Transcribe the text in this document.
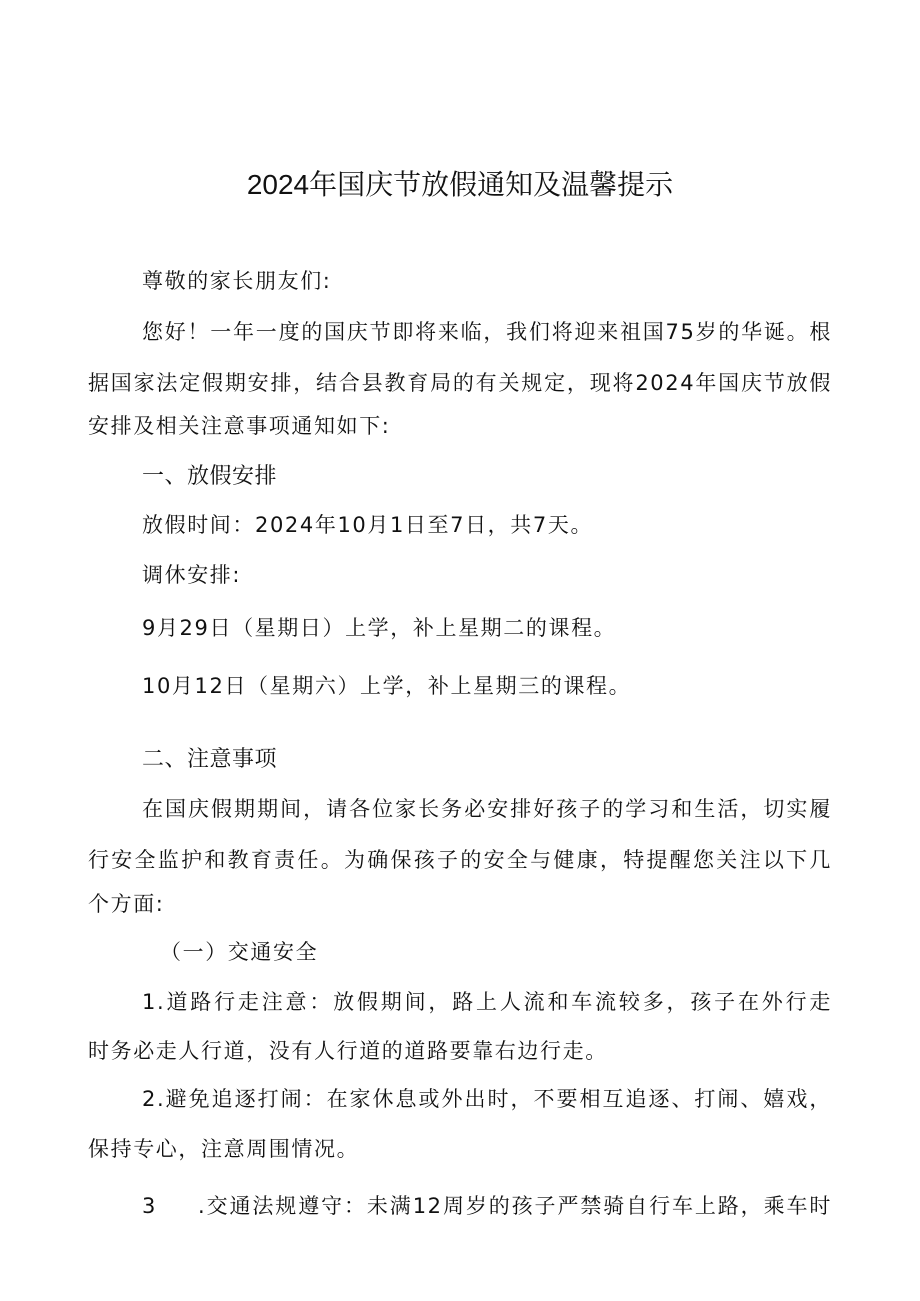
2024年国庆节放假通知及温馨提示
尊敬的家长朋友们:
您好！一年一度的国庆节即将来临，我们将迎来祖国75岁的华诞。根
据国家法定假期安排，结合县教育局的有关规定，现将2024年国庆节放假
安排及相关注意事项通知如下:
一、放假安排
放假时间：2024年10月1日至7日，共7天。
调休安排:
9月29日（星期日）上学，补上星期二的课程。
10月12日（星期六）上学，补上星期三的课程。
二、注意事项
在国庆假期期间，请各位家长务必安排好孩子的学习和生活，切实履
行安全监护和教育责任。为确保孩子的安全与健康，特提醒您关注以下几
个方面:
（一）交通安全
1.道路行走注意：放假期间，路上人流和车流较多，孩子在外行走
时务必走人行道，没有人行道的道路要靠右边行走。
2.避免追逐打闹：在家休息或外出时，不要相互追逐、打闹、嬉戏，
保持专心，注意周围情况。
3 .交通法规遵守：未满12周岁的孩子严禁骑自行车上路，乘车时
